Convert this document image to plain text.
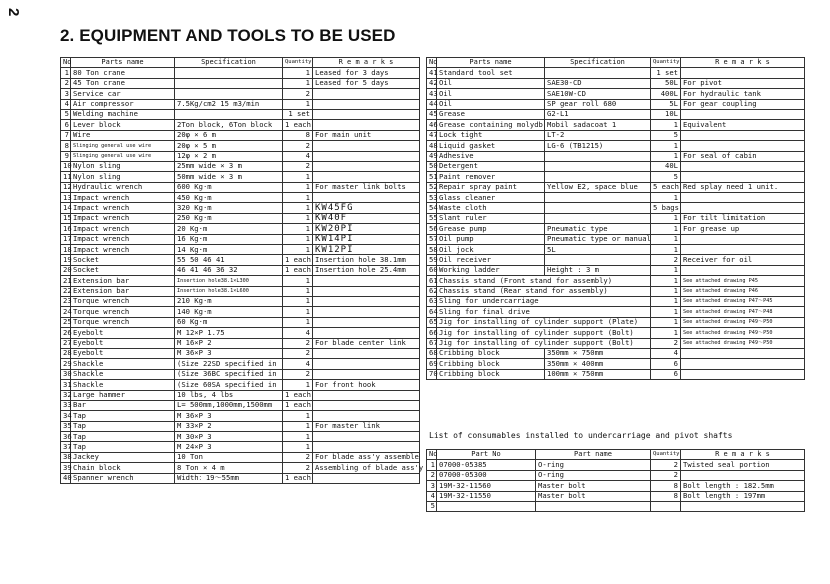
2
2. EQUIPMENT AND TOOLS TO BE USED
No	Parts name	Specification	Quantity	R e m a r k s
1	80 Ton crane		1	Leased for 3 days
2	45 Ton crane		1	Leased for 5 days
3	Service car		2	
4	Air compressor	7.5Kg/cm2 15 m3/min	1	
5	Welding machine		1 set	
6	Lever block	2Ton block, 6Ton block	1 each	
7	Wire	20φ × 6 m	8	For main unit
8	Slinging general use wire	20φ × 5 m	2	
9	Slinging general use wire	12φ × 2 m	4	
10	Nylon sling	25mm wide × 3 m	2	
11	Nylon sling	50mm wide × 3 m	1	
12	Hydraulic wrench	600 Kg·m	1	For master link bolts
13	Impact wrench	450 Kg·m	1	
14	Impact wrench	320 Kg·m	1	KW45FG
15	Impact wrench	250 Kg·m	1	KW40F
16	Impact wrench	20 Kg·m	1	KW20PI
17	Impact wrench	16 Kg·m	1	KW14PI
18	Impact wrench	14 Kg·m	1	KW12PI
19	Socket	55 50 46 41	1 each	Insertion hole 38.1mm
20	Socket	46 41 46 36 32	1 each	Insertion hole 25.4mm
21	Extension bar	Insertion hole38.1×L300	1	
22	Extension bar	Insertion hole38.1×L600	1	
23	Torque wrench	210 Kg·m	1	
24	Torque wrench	140 Kg·m	1	
25	Torque wrench	60 Kg·m	1	
26	Eyebolt	M 12×P 1.75	4	
27	Eyebolt	M 16×P 2	2	For blade center link
28	Eyebolt	M 36×P 3	2	
29	Shackle	(Size 22SD specified in	4	
30	Shackle	(Size 36BC specified in	2	
31	Shackle	(Size 60SA specified in	1	For front hook
32	Large hammer	10 lbs, 4 lbs	1 each	
33	Bar	L= 500mm,1000mm,1500mm	1 each	
34	Tap	M 36×P 3	1	
35	Tap	M 33×P 2	1	For master link
36	Tap	M 30×P 3	1	
37	Tap	M 24×P 3	1	
38	Jackey	10 Ton	2	For blade ass'y assemble
39	Chain block	8 Ton × 4 m	2	Assembling of blade ass'y
40	Spanner wrench	Width：19～55mm	1 each	
No	Parts name	Specification	Quantity	R e m a r k s
41	Standard tool set		1 set	
42	Oil	SAE30-CD	50L	For pivot
43	Oil	SAE10W-CD	400L	For hydraulic tank
44	Oil	SP gear roll 680	5L	For gear coupling
45	Grease	G2-L1	10L	
46	Grease containing molydb	Mobil sadacoat 1	1	Equivalent
47	Lock tight	LT-2	5	
48	Liquid gasket	LG-6 (TB1215)	1	
49	Adhesive		1	For seal of cabin
50	Detergent		40L	
51	Paint remover		5	
52	Repair spray paint	Yellow E2, space blue	5 each	Red splay need 1 unit.
53	Glass cleaner		1	
54	Waste cloth		5 bags	
55	Slant ruler		1	For tilt limitation
56	Grease pump	Pneumatic type	1	For grease up
57	Oil pump	Pneumatic type or manual	1	
58	Oil jock	5L	1	
59	Oil receiver		2	Receiver for oil
60	Working ladder	Height : 3 m	1	
61	Chassis stand (Front stand for assembly)		1	See attached drawing P45
62	Chassis stand (Rear stand for assembly)		1	See attached drawing P46
63	Sling for undercarriage		1	See attached drawing P47～P45
64	Sling for final drive		1	See attached drawing P47～P48
65	Jig for installing of cylinder support (Plate)		1	See attached drawing P49～P50
66	Jig for installing of cylinder support (Bolt)		1	See attached drawing P49～P50
67	Jig for installing of cylinder support (Bolt)		2	See attached drawing P49～P50
68	Cribbing block	350mm × 750mm	4	
69	Cribbing block	350mm × 400mm	6	
70	Cribbing block	100mm × 750mm	6	
List of consumables installed to undercarriage and pivot shafts
No	Part No	Part name	Quantity	R e m a r k s
1	07000-05385	O-ring	2	Twisted seal portion
2	07000-05300	O-ring	2	
3	19M-32-11560	Master bolt	8	Bolt length : 182.5mm
4	19M-32-11550	Master bolt	8	Bolt length : 197mm
5				
